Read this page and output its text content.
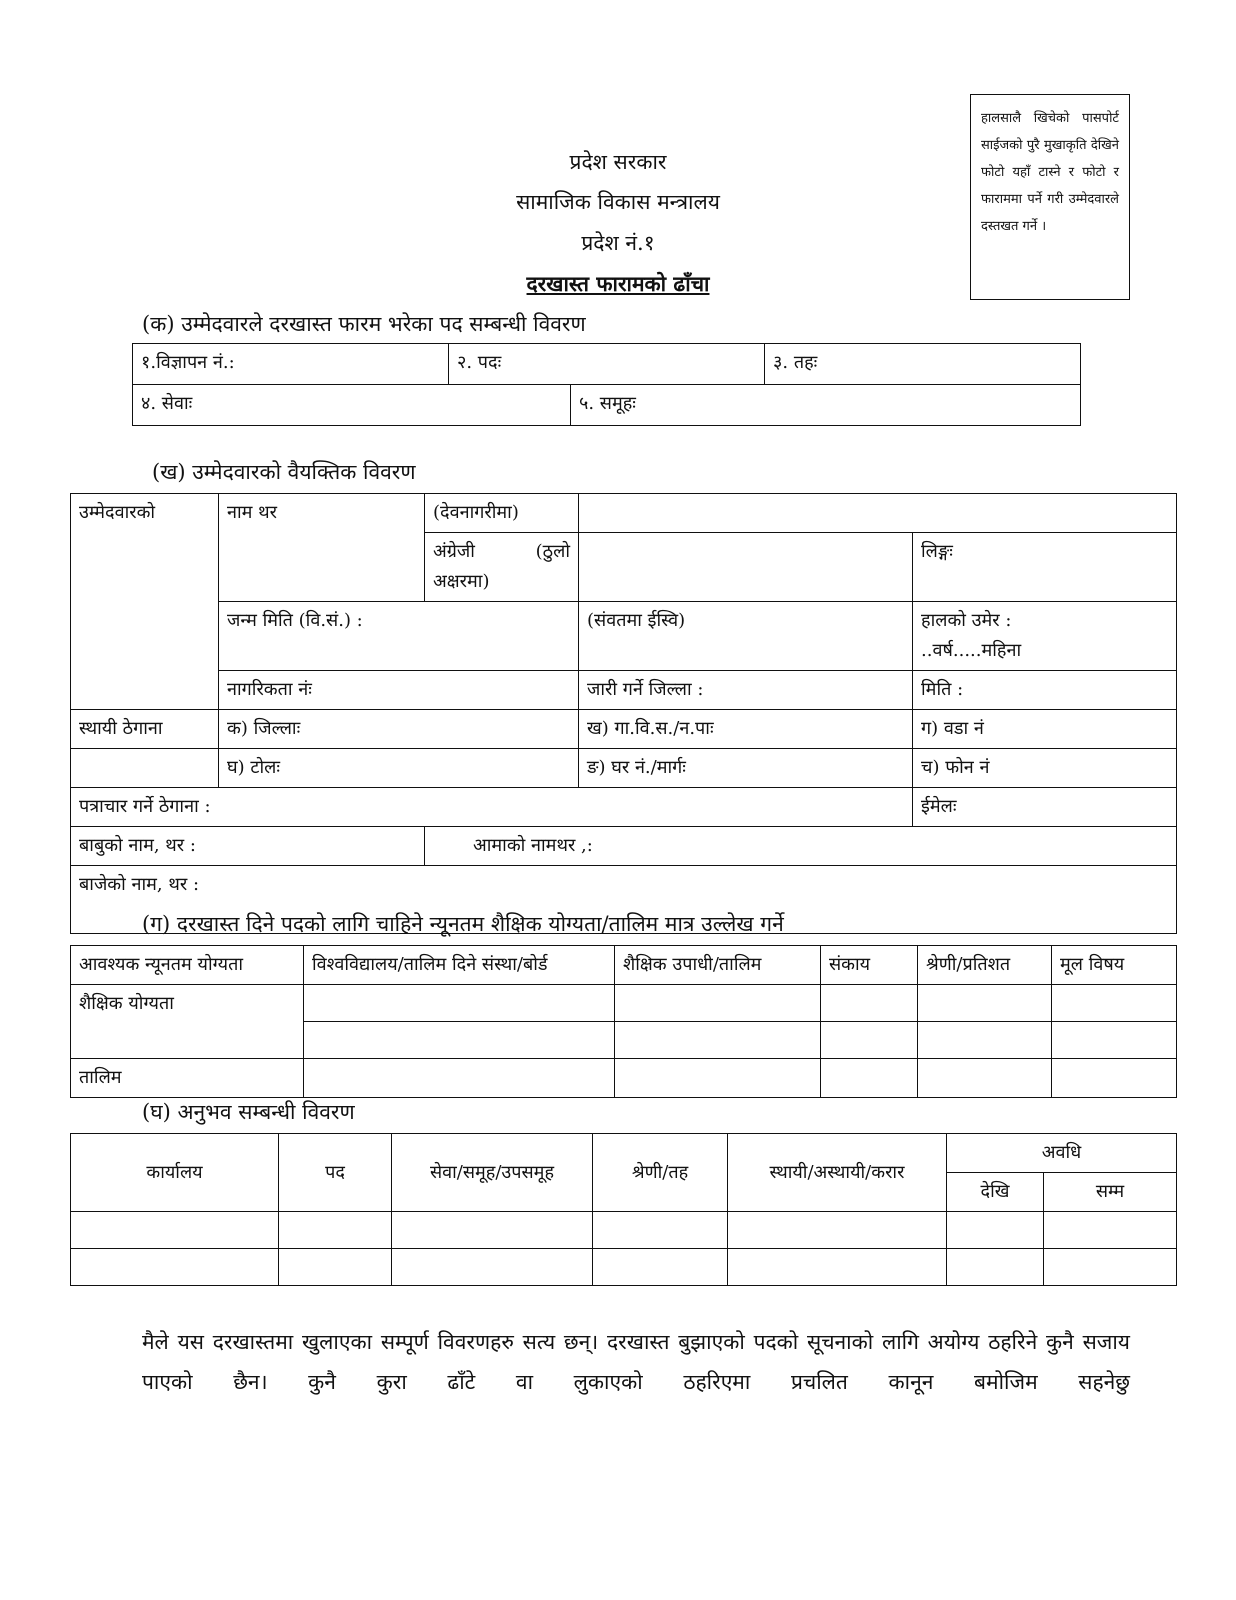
हालसालै खिचेको पासपोर्ट साईजको पुरै मुखाकृति देखिने फोटो यहाँ टास्ने र फोटो र फाराममा पर्ने गरी उम्मेदवारले दस्तखत गर्ने ।
प्रदेश सरकार
सामाजिक विकास मन्त्रालय
प्रदेश नं.१
दरखास्त फारामको ढाँचा
(क) उम्मेदवारले दरखास्त फारम भरेका पद सम्बन्धी विवरण
१.विज्ञापन नं.:	२. पदः		३. तहः
४. सेवाः		५. समूहः	
(ख) उम्मेदवारको वैयक्तिक विवरण
उम्मेदवारको	नाम थर	(देवनागरीमा)		
		अंग्रेजी (ठुलो अक्षरमा)		लिङ्गः
	जन्म मिति (वि.सं.) :		(संवतमा ईस्वि)	हालको उमेर :
..वर्ष.....महिना
	नागरिकता नंः		जारी गर्ने जिल्ला :	मिति :
स्थायी ठेगाना	क) जिल्लाः		ख) गा.वि.स./न.पाः	ग) वडा नं
	घ) टोलः		ङ) घर नं./मार्गः	च) फोन नं
पत्राचार गर्ने ठेगाना :				ईमेलः
बाबुको नाम, थर :		आमाको नामथर ,:		
बाजेको नाम, थर :				
(ग) दरखास्त दिने पदको लागि चाहिने न्यूनतम शैक्षिक योग्यता/तालिम मात्र उल्लेख गर्ने
आवश्यक न्यूनतम योग्यता	विश्वविद्यालय/तालिम दिने संस्था/बोर्ड	शैक्षिक उपाधी/तालिम	संकाय	श्रेणी/प्रतिशत	मूल विषय
शैक्षिक योग्यता					

तालिम					
(घ) अनुभव सम्बन्धी विवरण
कार्यालय	पद	सेवा/समूह/उपसमूह	श्रेणी/तह	स्थायी/अस्थायी/करार	अवधि	
					देखि	सम्म

मैले यस दरखास्तमा खुलाएका सम्पूर्ण विवरणहरु सत्य छन्। दरखास्त बुझाएको पदको सूचनाको लागि अयोग्य ठहरिने कुनै सजाय पाएको छैन। कुनै कुरा ढाँटे वा लुकाएको ठहरिएमा प्रचलित कानून बमोजिम सहनेछु
